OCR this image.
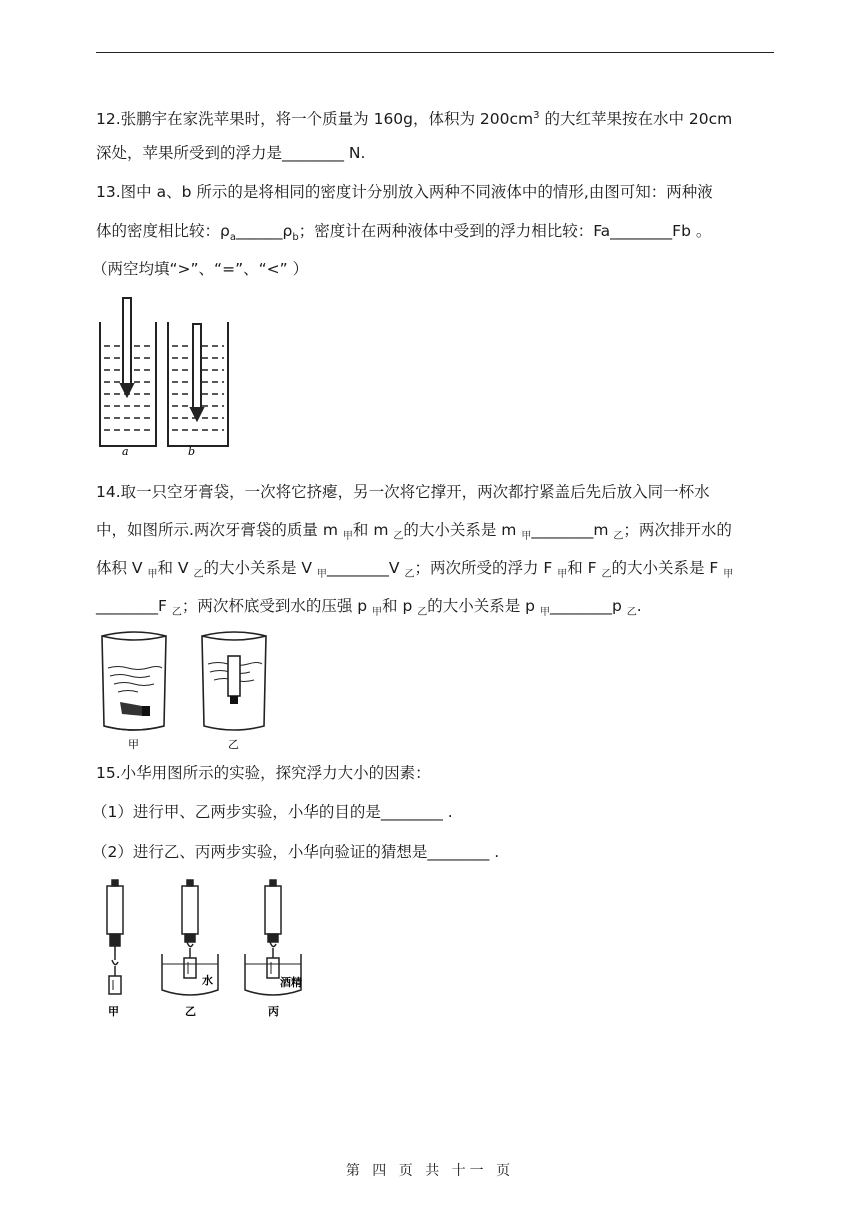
12.张鹏宇在家洗苹果时，将一个质量为 160g，体积为 $200cm^3$ 的大红苹果按在水中 20cm
深处，苹果所受到的浮力是________ N.
13.图中 a、b 所示的是将相同的密度计分别放入两种不同液体中的情形,由图可知：两种液
体的密度相比较：$\rho_a\_\_\_\_\_\_\rho_b$；密度计在两种液体中受到的浮力相比较：Fa________Fb 。
（两空均填“>”、“=”、“<” ）
a	b
14.取一只空牙膏袋，一次将它挤瘪，另一次将它撑开，两次都拧紧盖后先后放入同一杯水
中，如图所示.两次牙膏袋的质量 m $_甲$和 m $_乙$的大小关系是 m $_甲$________m $_乙$；两次排开水的
体积 V $_甲$和 V $_乙$的大小关系是 V $_甲$________V $_乙$；两次所受的浮力 F $_甲$和 F $_乙$的大小关系是 F $_甲$
________F $_乙$；两次杯底受到水的压强 p $_甲$和 p $_乙$的大小关系是 p $_甲$________p $_乙$.
甲	乙
15.小华用图所示的实验，探究浮力大小的因素：
（1）进行甲、乙两步实验，小华的目的是________ .
（2）进行乙、丙两步实验，小华向验证的猜想是________ .
水	酒精
甲	乙	丙
第 四 页 共 十一 页
